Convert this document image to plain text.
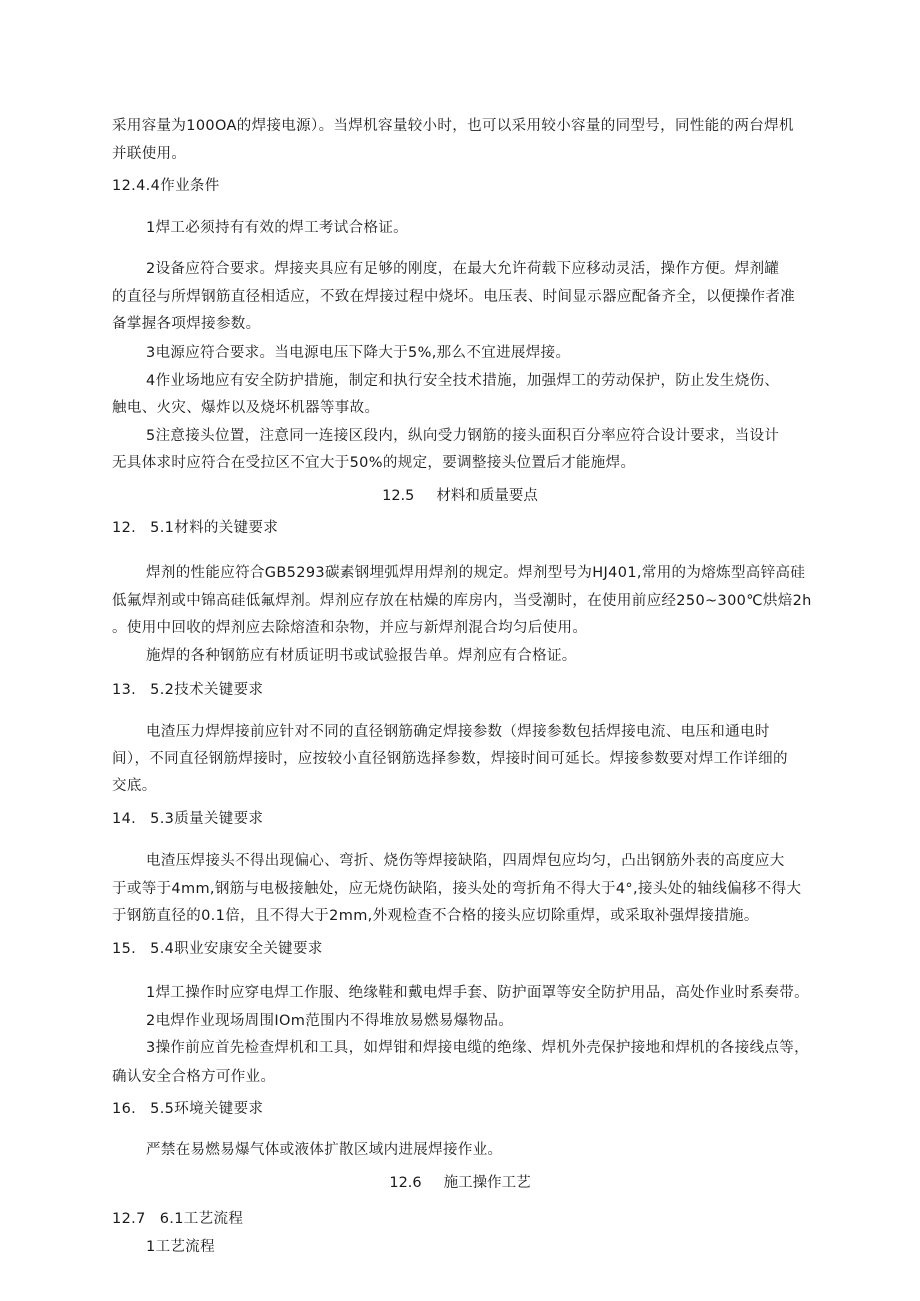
采用容量为100OA的焊接电源）。当焊机容量较小时，也可以采用较小容量的同型号，同性能的两台焊机
并联使用。
12.4.4作业条件
1焊工必须持有有效的焊工考试合格证。
2设备应符合要求。焊接夹具应有足够的刚度，在最大允许荷载下应移动灵活，操作方便。焊剂罐
的直径与所焊钢筋直径相适应，不致在焊接过程中烧坏。电压表、时间显示器应配备齐全，以便操作者准
备掌握各项焊接参数。
3电源应符合要求。当电源电压下降大于5%,那么不宜进展焊接。
4作业场地应有安全防护措施，制定和执行安全技术措施，加强焊工的劳动保护，防止发生烧伤、
触电、火灾、爆炸以及烧坏机器等事故。
5注意接头位置，注意同一连接区段内，纵向受力钢筋的接头面积百分率应符合设计要求，当设计
无具体求时应符合在受拉区不宜大于50%的规定，要调整接头位置后才能施焊。
12.5 材料和质量要点
12. 5.1材料的关键要求
焊剂的性能应符合GB5293碳素钢埋弧焊用焊剂的规定。焊剂型号为HJ401,常用的为熔炼型高锌高硅
低氟焊剂或中锦高硅低氟焊剂。焊剂应存放在枯燥的库房内，当受潮时，在使用前应经250~300℃烘焙2h
。使用中回收的焊剂应去除熔渣和杂物，并应与新焊剂混合均匀后使用。
施焊的各种钢筋应有材质证明书或试验报告单。焊剂应有合格证。
13. 5.2技术关键要求
电渣压力焊焊接前应针对不同的直径钢筋确定焊接参数（焊接参数包括焊接电流、电压和通电时
间），不同直径钢筋焊接时，应按较小直径钢筋选择参数，焊接时间可延长。焊接参数要对焊工作详细的
交底。
14. 5.3质量关键要求
电渣压焊接头不得出现偏心、弯折、烧伤等焊接缺陷，四周焊包应均匀，凸出钢筋外表的高度应大
于或等于4mm,钢筋与电极接触处，应无烧伤缺陷，接头处的弯折角不得大于4°,接头处的轴线偏移不得大
于钢筋直径的0.1倍，且不得大于2mm,外观检查不合格的接头应切除重焊，或采取补强焊接措施。
15. 5.4职业安康安全关键要求
1焊工操作时应穿电焊工作服、绝缘鞋和戴电焊手套、防护面罩等安全防护用品，高处作业时系奏带。
2电焊作业现场周围IOm范围内不得堆放易燃易爆物品。
3操作前应首先检查焊机和工具，如焊钳和焊接电缆的绝缘、焊机外壳保护接地和焊机的各接线点等，
确认安全合格方可作业。
16. 5.5环境关键要求
严禁在易燃易爆气体或液体扩散区域内进展焊接作业。
12.6 施工操作工艺
12.7 6.1工艺流程
1工艺流程
